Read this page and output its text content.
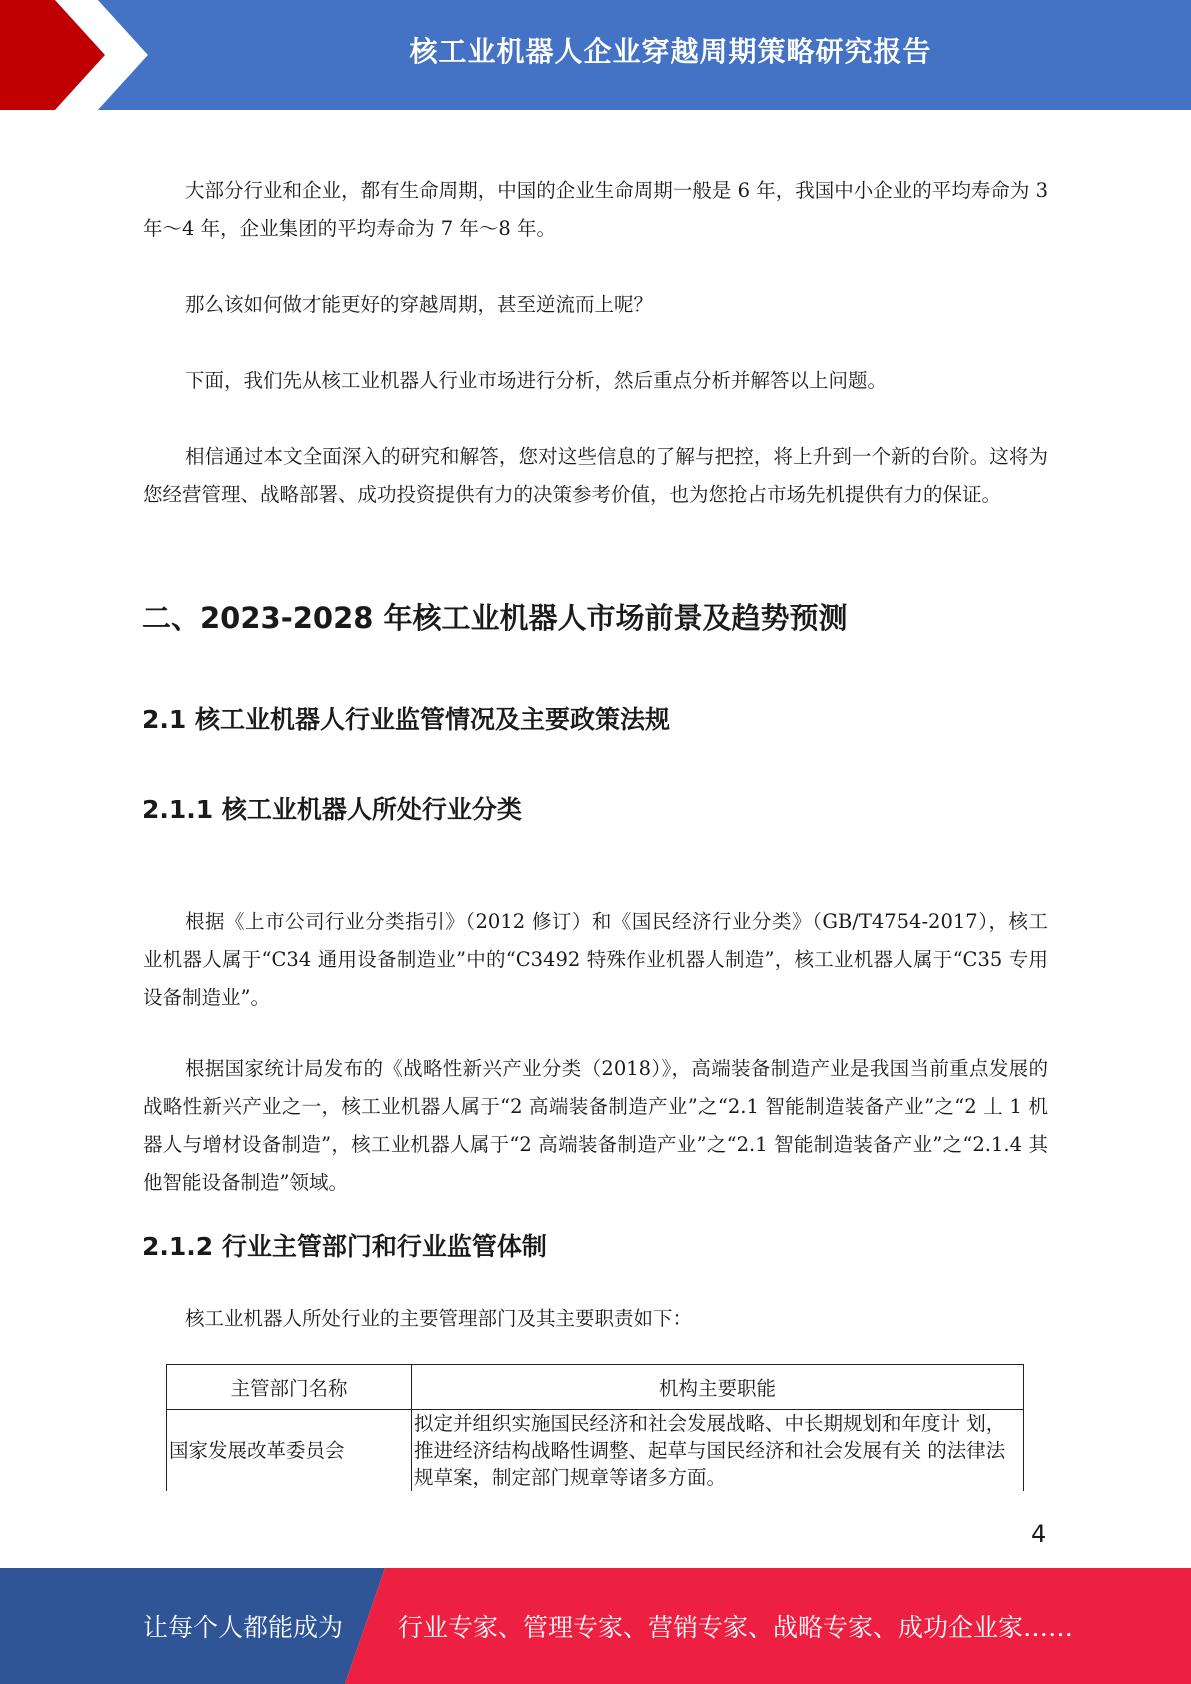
核工业机器人企业穿越周期策略研究报告

大部分行业和企业，都有生命周期，中国的企业生命周期一般是 6 年，我国中小企业的平均寿命为 3 年～4 年，企业集团的平均寿命为 7 年～8 年。

那么该如何做才能更好的穿越周期，甚至逆流而上呢？

下面，我们先从核工业机器人行业市场进行分析，然后重点分析并解答以上问题。

相信通过本文全面深入的研究和解答，您对这些信息的了解与把控，将上升到一个新的台阶。这将为您经营管理、战略部署、成功投资提供有力的决策参考价值，也为您抢占市场先机提供有力的保证。

二、2023-2028 年核工业机器人市场前景及趋势预测
2.1 核工业机器人行业监管情况及主要政策法规
2.1.1 核工业机器人所处行业分类

根据《上市公司行业分类指引》（2012 修订）和《国民经济行业分类》（GB/T4754-2017），核工业机器人属于“C34 通用设备制造业”中的“C3492 特殊作业机器人制造”，核工业机器人属于“C35 专用设备制造业”。

根据国家统计局发布的《战略性新兴产业分类（2018）》，高端装备制造产业是我国当前重点发展的战略性新兴产业之一，核工业机器人属于“2 高端装备制造产业”之“2.1 智能制造装备产业”之“2 丄 1 机器人与增材设备制造”，核工业机器人属于“2 高端装备制造产业”之“2.1 智能制造装备产业”之“2.1.4 其他智能设备制造”领域。

2.1.2 行业主管部门和行业监管体制

核工业机器人所处行业的主要管理部门及其主要职责如下：

主管部门名称	机构主要职能
国家发展改革委员会	拟定并组织实施国民经济和社会发展战略、中长期规划和年度计 划，推进经济结构战略性调整、起草与国民经济和社会发展有关 的法律法规草案，制定部门规章等诸多方面。
4
让每个人都能成为 行业专家、管理专家、营销专家、战略专家、成功企业家……
